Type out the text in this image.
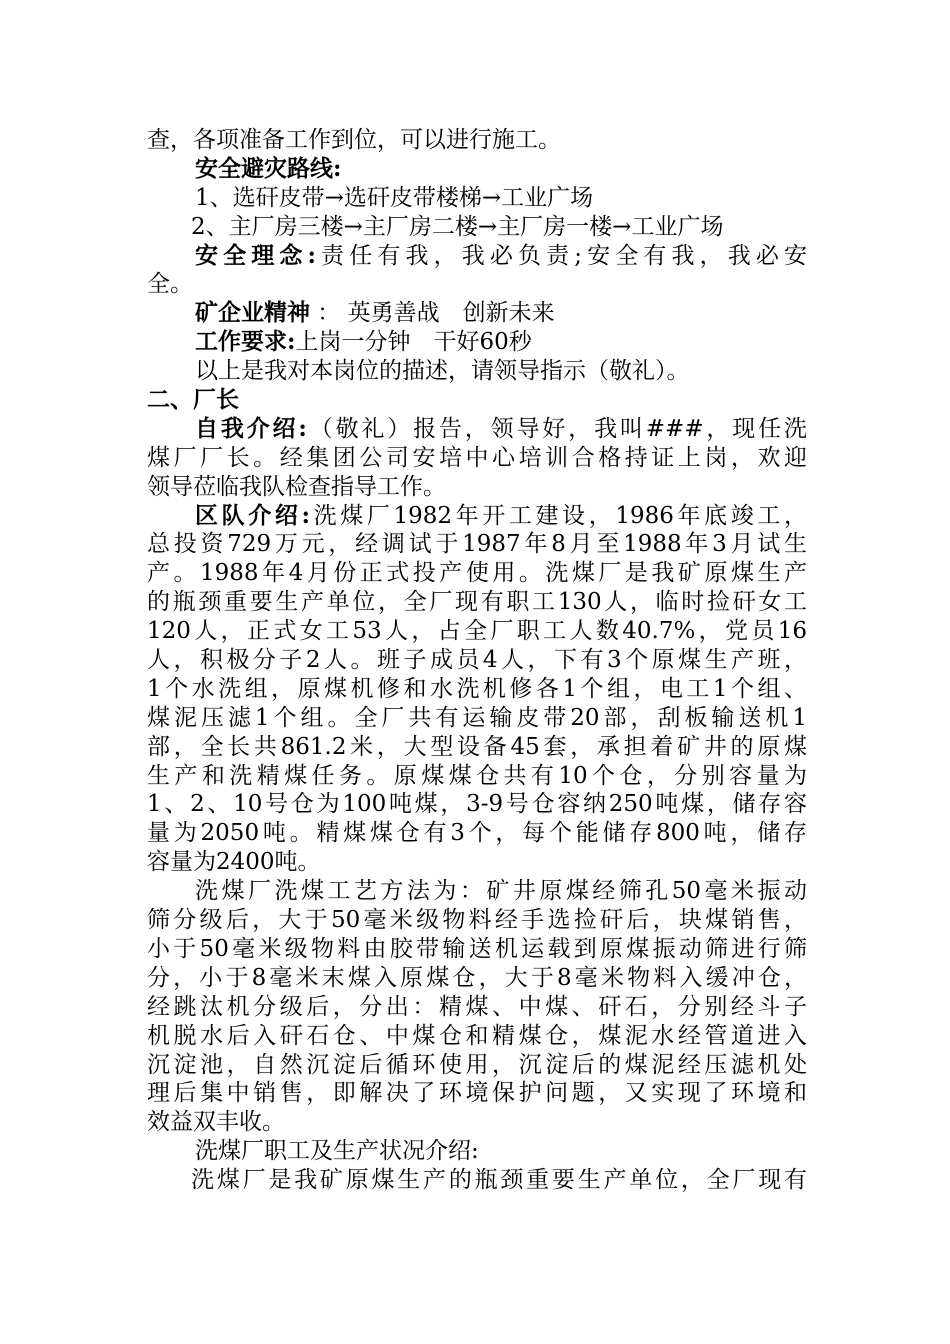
查，各项准备工作到位，可以进行施工。
安全避灾路线:
1、选矸皮带→选矸皮带楼梯→工业广场
2、主厂房三楼→主厂房二楼→主厂房一楼→工业广场
安全理念:责任有我，我必负责;安全有我，我必安
全。
矿企业精神 ： 英勇善战　创新未来
工作要求:上岗一分钟　干好60秒
以上是我对本岗位的描述，请领导指示（敬礼）。
二、厂长
自我介绍:（敬礼）报告，领导好，我叫###，现任洗
煤厂厂长。经集团公司安培中心培训合格持证上岗，欢迎
领导莅临我队检查指导工作。
区队介绍:洗煤厂1982年开工建设，1986年底竣工，
总投资729万元，经调试于1987年8月至1988年3月试生
产。1988年4月份正式投产使用。洗煤厂是我矿原煤生产
的瓶颈重要生产单位，全厂现有职工130人，临时捡矸女工
120人，正式女工53人，占全厂职工人数40.7%，党员16
人，积极分子2人。班子成员4人，下有3个原煤生产班，
1个水洗组，原煤机修和水洗机修各1个组，电工1个组、
煤泥压滤1个组。全厂共有运输皮带20部，刮板输送机1
部，全长共861.2米，大型设备45套，承担着矿井的原煤
生产和洗精煤任务。原煤煤仓共有10个仓，分别容量为
1、2、10号仓为100吨煤，3-9号仓容纳250吨煤，储存容
量为2050吨。精煤煤仓有3个，每个能储存800吨，储存
容量为2400吨。
洗煤厂洗煤工艺方法为：矿井原煤经筛孔50毫米振动
筛分级后，大于50毫米级物料经手选捡矸后，块煤销售，
小于50毫米级物料由胶带输送机运载到原煤振动筛进行筛
分，小于8毫米末煤入原煤仓，大于8毫米物料入缓冲仓，
经跳汰机分级后，分出：精煤、中煤、矸石，分别经斗子
机脱水后入矸石仓、中煤仓和精煤仓，煤泥水经管道进入
沉淀池，自然沉淀后循环使用，沉淀后的煤泥经压滤机处
理后集中销售，即解决了环境保护问题，又实现了环境和
效益双丰收。
洗煤厂职工及生产状况介绍:
洗煤厂是我矿原煤生产的瓶颈重要生产单位，全厂现有
